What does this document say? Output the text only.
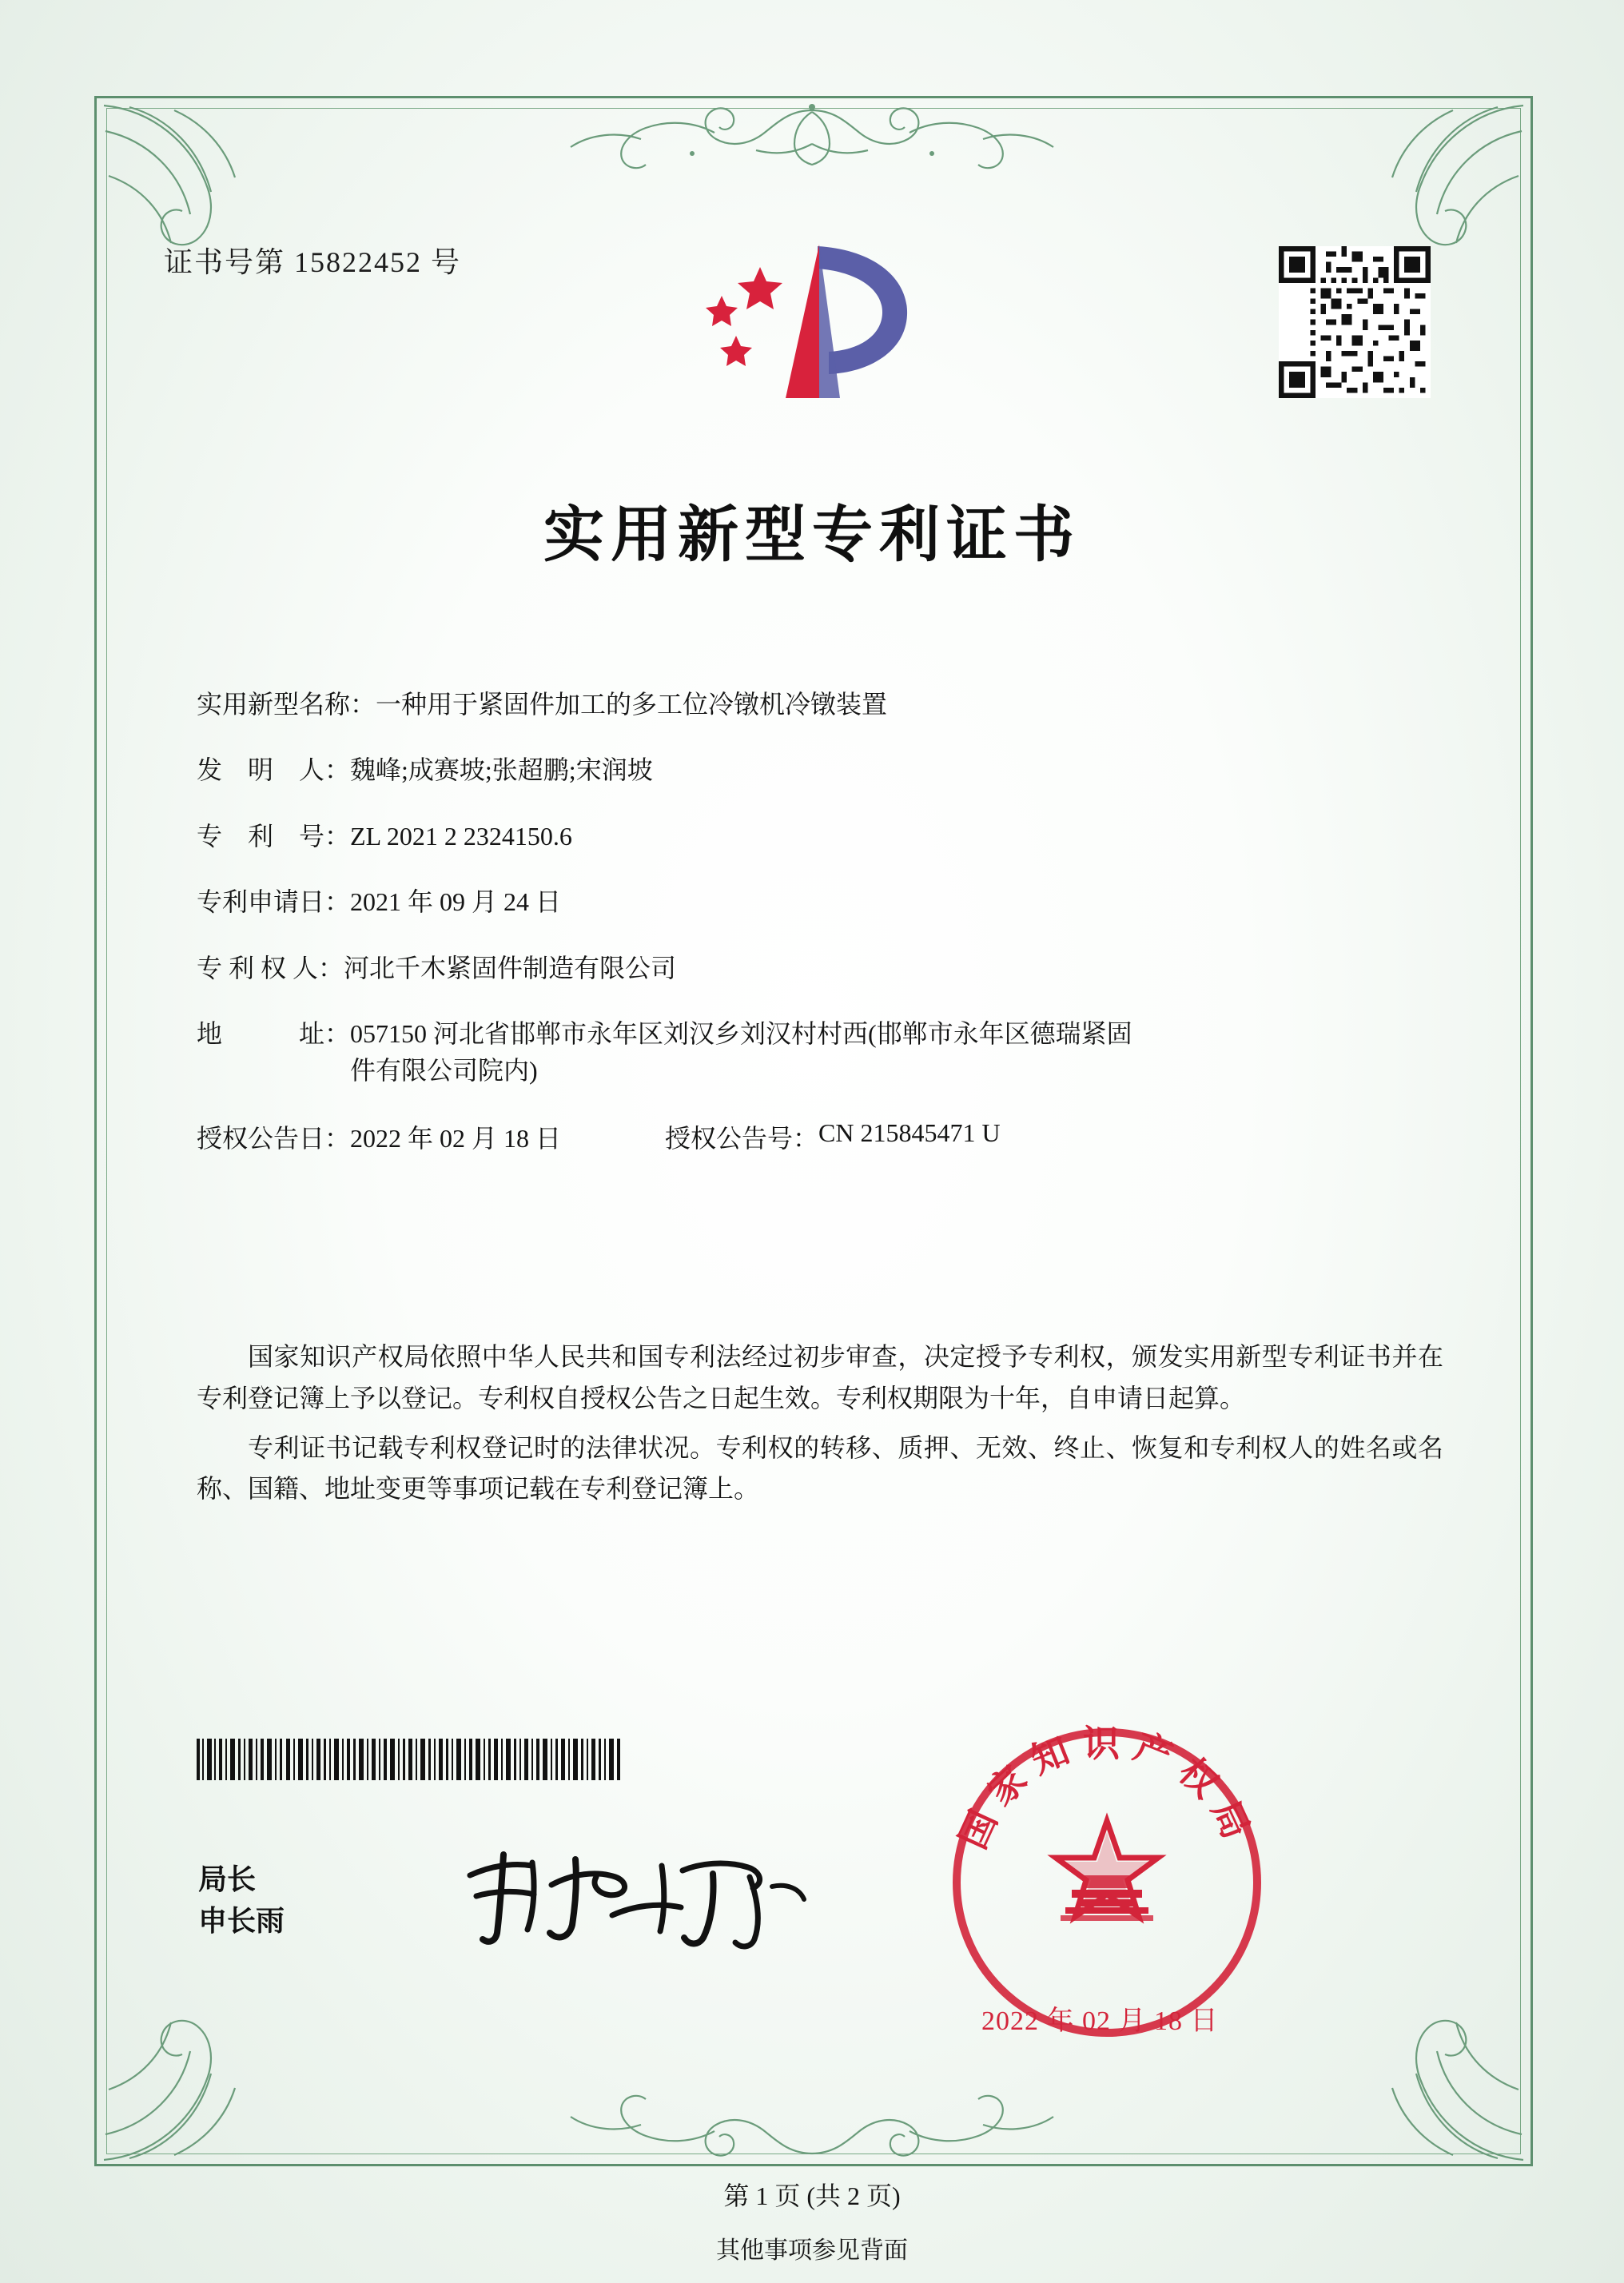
证书号第 15822452 号
实用新型专利证书
实用新型名称： 一种用于紧固件加工的多工位冷镦机冷镦装置
发　明　人： 魏峰;成赛坡;张超鹏;宋润坡
专　利　号： ZL 2021 2 2324150.6
专利申请日： 2021 年 09 月 24 日
专 利 权 人： 河北千木紧固件制造有限公司
地　　　址： 057150 河北省邯郸市永年区刘汉乡刘汉村村西(邯郸市永年区德瑞紧固件有限公司院内)
授权公告日： 2022 年 02 月 18 日	授权公告号： CN 215845471 U
国家知识产权局依照中华人民共和国专利法经过初步审查，决定授予专利权，颁发实用新型专利证书并在专利登记簿上予以登记。专利权自授权公告之日起生效。专利权期限为十年，自申请日起算。
专利证书记载专利权登记时的法律状况。专利权的转移、质押、无效、终止、恢复和专利权人的姓名或名称、国籍、地址变更等事项记载在专利登记簿上。
局长
申长雨
国家知识产权局
2022 年 02 月 18 日
第 1 页 (共 2 页)
其他事项参见背面
